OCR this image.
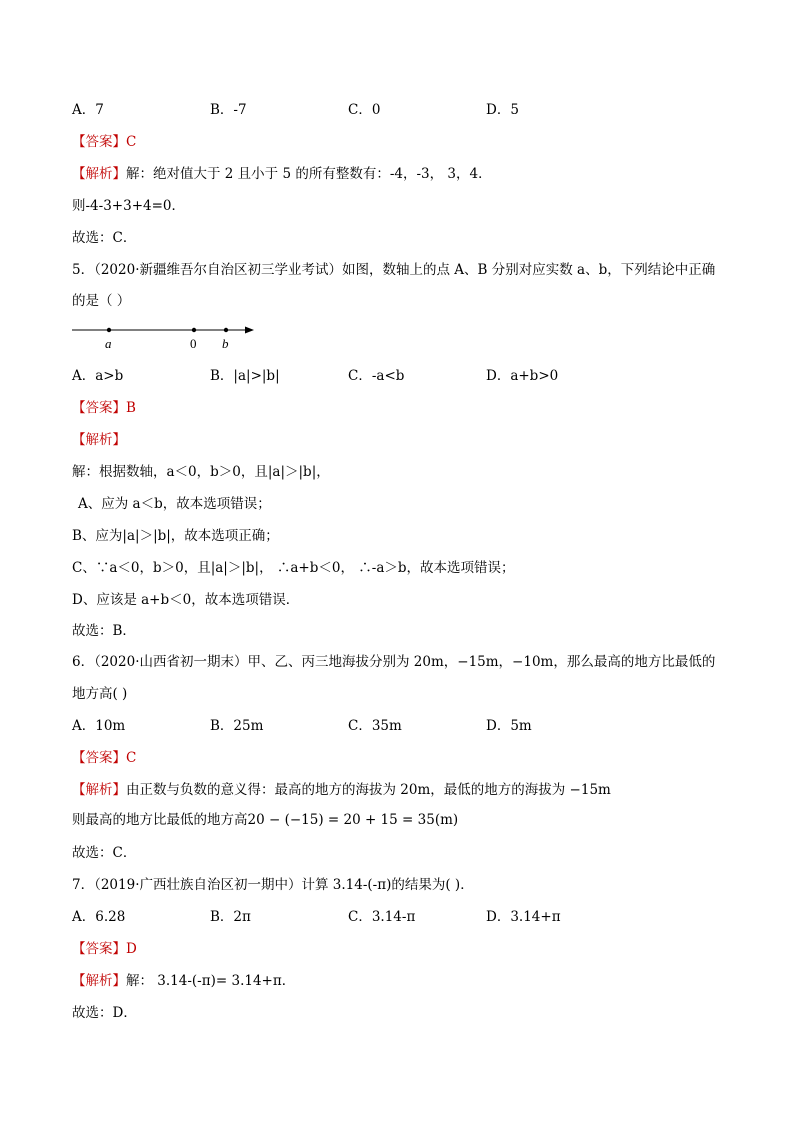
A．7	B．-7	C．0	D．5
【答案】C
【解析】解：绝对值大于 2 且小于 5 的所有整数有：-4，-3， 3，4．
则-4-3+3+4=0．
故选：C．
5．（2020·新疆维吾尔自治区初三学业考试）如图，数轴上的点 A、B 分别对应实数 a、b，下列结论中正确
的是（ ）
a	0 b
A．a>b	B．|a|>|b|	C．-a<b	D．a+b>0
【答案】B
【解析】
解：根据数轴，a＜0，b＞0，且|a|＞|b|，
A、应为 a＜b，故本选项错误；
B、应为|a|＞|b|，故本选项正确；
C、∵a＜0，b＞0，且|a|＞|b|， ∴a+b＜0， ∴-a＞b，故本选项错误；
D、应该是 a+b＜0，故本选项错误．
故选：B．
6．（2020·山西省初一期末）甲、乙、丙三地海拔分别为 20m，−15m，−10m，那么最高的地方比最低的
地方高( )
A．10m	B．25m	C．35m	D．5m
【答案】C
【解析】由正数与负数的意义得：最高的地方的海拔为 20m，最低的地方的海拔为 −15m
则最高的地方比最低的地方高20 − (−15) = 20 + 15 = 35(m)
故选：C．
7．（2019·广西壮族自治区初一期中）计算 3.14-(-π)的结果为( )．
A．6.28	B．2π	C．3.14-π	D．3.14+π
【答案】D
【解析】解： 3.14-(-π)= 3.14+π．
故选：D．
